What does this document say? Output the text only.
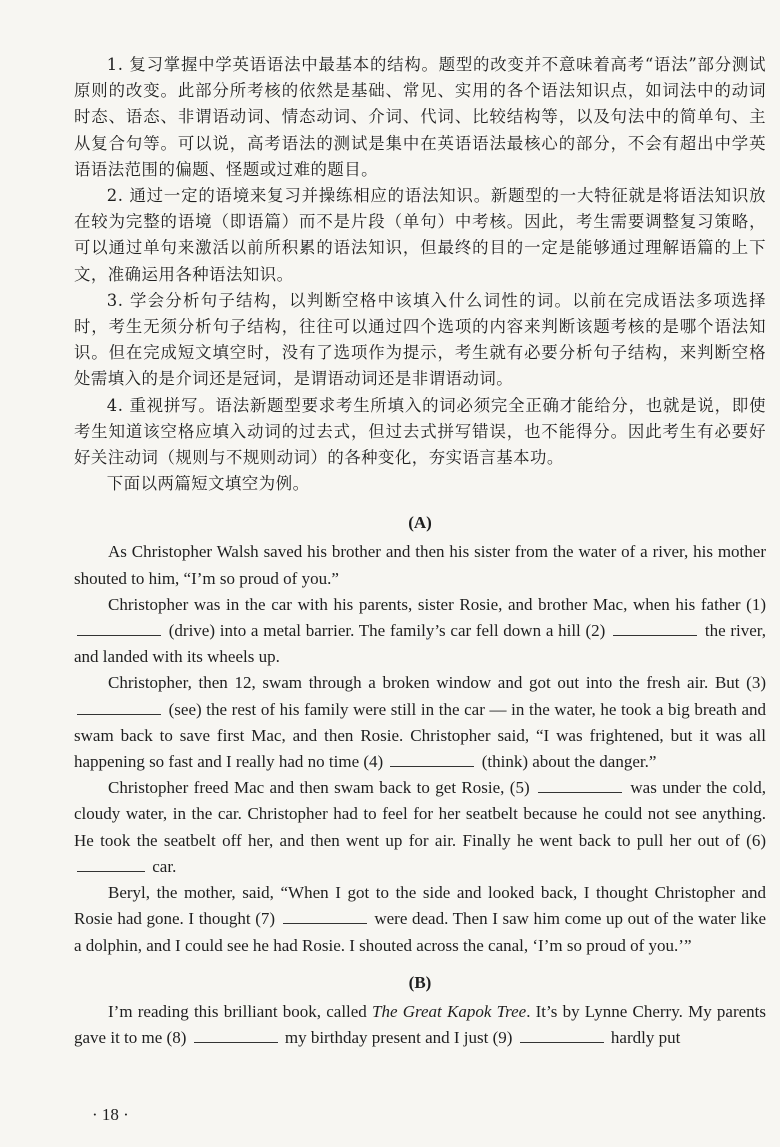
1. 复习掌握中学英语语法中最基本的结构。题型的改变并不意味着高考“语法”部分测试原则的改变。此部分所考核的依然是基础、常见、实用的各个语法知识点，如词法中的动词时态、语态、非谓语动词、情态动词、介词、代词、比较结构等，以及句法中的简单句、主从复合句等。可以说，高考语法的测试是集中在英语语法最核心的部分，不会有超出中学英语语法范围的偏题、怪题或过难的题目。

2. 通过一定的语境来复习并操练相应的语法知识。新题型的一大特征就是将语法知识放在较为完整的语境（即语篇）而不是片段（单句）中考核。因此，考生需要调整复习策略，可以通过单句来激活以前所积累的语法知识，但最终的目的一定是能够通过理解语篇的上下文，准确运用各种语法知识。

3. 学会分析句子结构，以判断空格中该填入什么词性的词。以前在完成语法多项选择时，考生无须分析句子结构，往往可以通过四个选项的内容来判断该题考核的是哪个语法知识。但在完成短文填空时，没有了选项作为提示，考生就有必要分析句子结构，来判断空格处需填入的是介词还是冠词，是谓语动词还是非谓语动词。

4. 重视拼写。语法新题型要求考生所填入的词必须完全正确才能给分，也就是说，即使考生知道该空格应填入动词的过去式，但过去式拼写错误，也不能得分。因此考生有必要好好关注动词（规则与不规则动词）的各种变化，夯实语言基本功。

下面以两篇短文填空为例。

(A)

As Christopher Walsh saved his brother and then his sister from the water of a river, his mother shouted to him, “I’m so proud of you.”

Christopher was in the car with his parents, sister Rosie, and brother Mac, when his father (1)  (drive) into a metal barrier. The family’s car fell down a hill (2)	the river, and landed with its wheels up.

Christopher, then 12, swam through a broken window and got out into the fresh air. But (3)  (see) the rest of his family were still in the car — in the water, he took a big breath and swam back to save first Mac, and then Rosie. Christopher said, “I was frightened, but it was all happening so fast and I really had no time (4)	(think) about the danger.”

Christopher freed Mac and then swam back to get Rosie, (5)	was under the cold, cloudy water, in the car. Christopher had to feel for her seatbelt because he could not see anything. He took the seatbelt off her, and then went up for air. Finally he went back to pull her out of (6)  car.

Beryl, the mother, said, “When I got to the side and looked back, I thought Christopher and Rosie had gone. I thought (7)	were dead. Then I saw him come up out of the water like a dolphin, and I could see he had Rosie. I shouted across the canal, ‘I’m so proud of you.’”

(B)

I’m reading this brilliant book, called The Great Kapok Tree. It’s by Lynne Cherry. My parents gave it to me (8)	my birthday present and I just (9)	hardly put

· 18 ·
